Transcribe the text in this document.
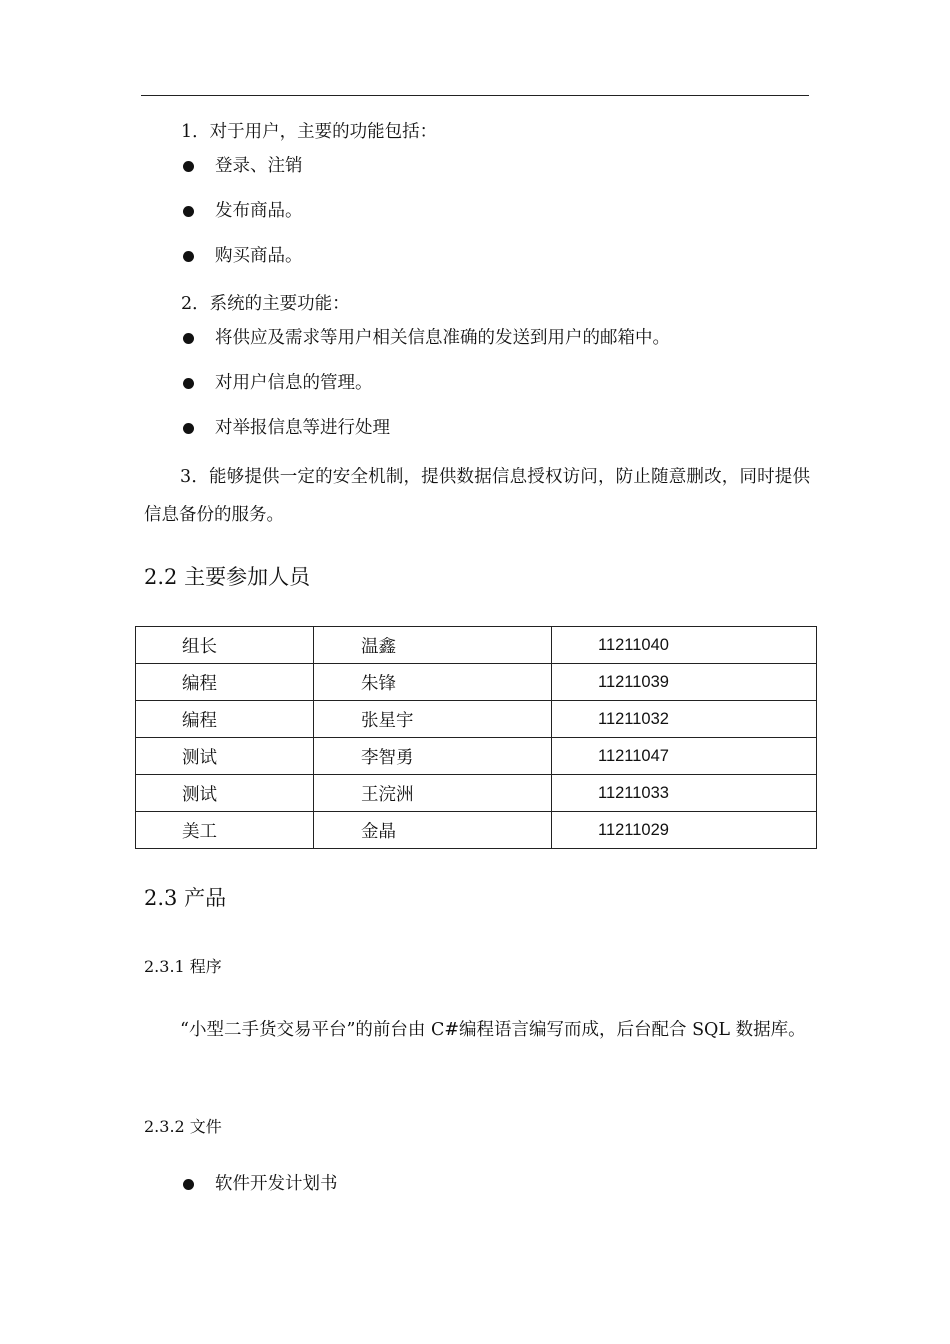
1．对于用户，主要的功能包括：
登录、注销
发布商品。
购买商品。
2．系统的主要功能：
将供应及需求等用户相关信息准确的发送到用户的邮箱中。
对用户信息的管理。
对举报信息等进行处理
3．能够提供一定的安全机制，提供数据信息授权访问，防止随意删改，同时提供信息备份的服务。
2.2 主要参加人员
组长	温鑫	11211040
编程	朱锋	11211039
编程	张星宇	11211032
测试	李智勇	11211047
测试	王浣洲	11211033
美工	金晶	11211029
2.3 产品
2.3.1 程序
“小型二手货交易平台”的前台由 C#编程语言编写而成，后台配合 SQL 数据库。
2.3.2 文件
软件开发计划书
